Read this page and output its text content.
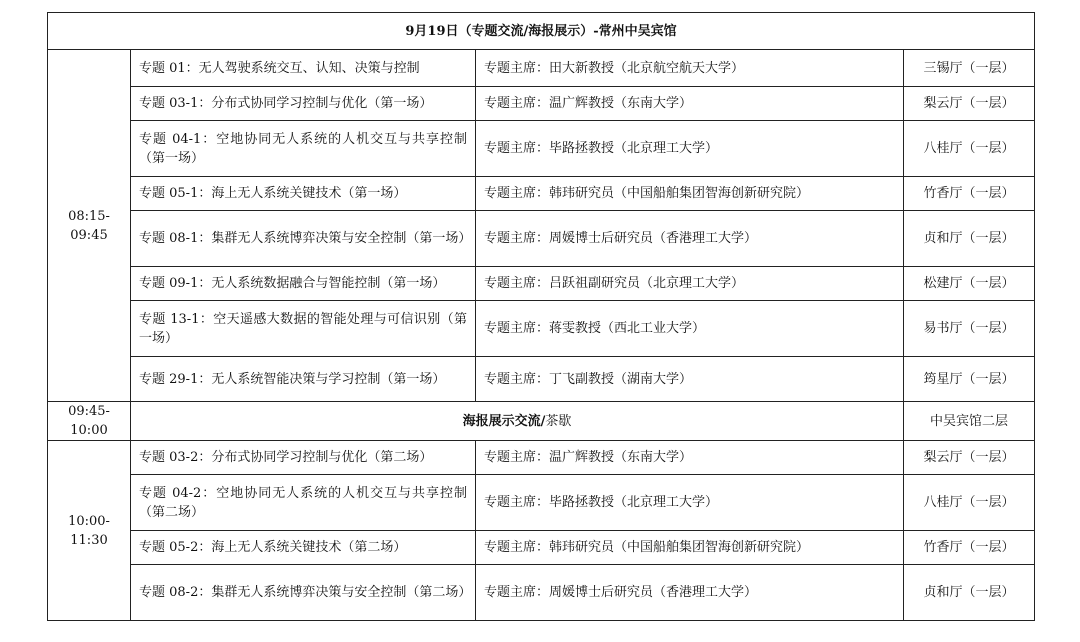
9月19日（专题交流/海报展示）-常州中吴宾馆			
08:15-09:45	专题 01：无人驾驶系统交互、认知、决策与控制	专题主席：田大新教授（北京航空航天大学）	三锡厅（一层）
	专题 03-1：分布式协同学习控制与优化（第一场）	专题主席：温广辉教授（东南大学）	梨云厅（一层）
	专题 04-1：空地协同无人系统的人机交互与共享控制（第一场）	专题主席：毕路拯教授（北京理工大学）	八桂厅（一层）
	专题 05-1：海上无人系统关键技术（第一场）	专题主席：韩玮研究员（中国船舶集团智海创新研究院）	竹香厅（一层）
	专题 08-1：集群无人系统博弈决策与安全控制（第一场）	专题主席：周媛博士后研究员（香港理工大学）	贞和厅（一层）
	专题 09-1：无人系统数据融合与智能控制（第一场）	专题主席：吕跃祖副研究员（北京理工大学）	松建厅（一层）
	专题 13-1：空天遥感大数据的智能处理与可信识别（第一场）	专题主席：蒋雯教授（西北工业大学）	易书厅（一层）
	专题 29-1：无人系统智能决策与学习控制（第一场）	专题主席：丁飞副教授（湖南大学）	筠星厅（一层）
09:45-10:00	海报展示交流/茶歇		中吴宾馆二层
10:00-11:30	专题 03-2：分布式协同学习控制与优化（第二场）	专题主席：温广辉教授（东南大学）	梨云厅（一层）
	专题 04-2：空地协同无人系统的人机交互与共享控制（第二场）	专题主席：毕路拯教授（北京理工大学）	八桂厅（一层）
	专题 05-2：海上无人系统关键技术（第二场）	专题主席：韩玮研究员（中国船舶集团智海创新研究院）	竹香厅（一层）
	专题 08-2：集群无人系统博弈决策与安全控制（第二场）	专题主席：周媛博士后研究员（香港理工大学）	贞和厅（一层）
